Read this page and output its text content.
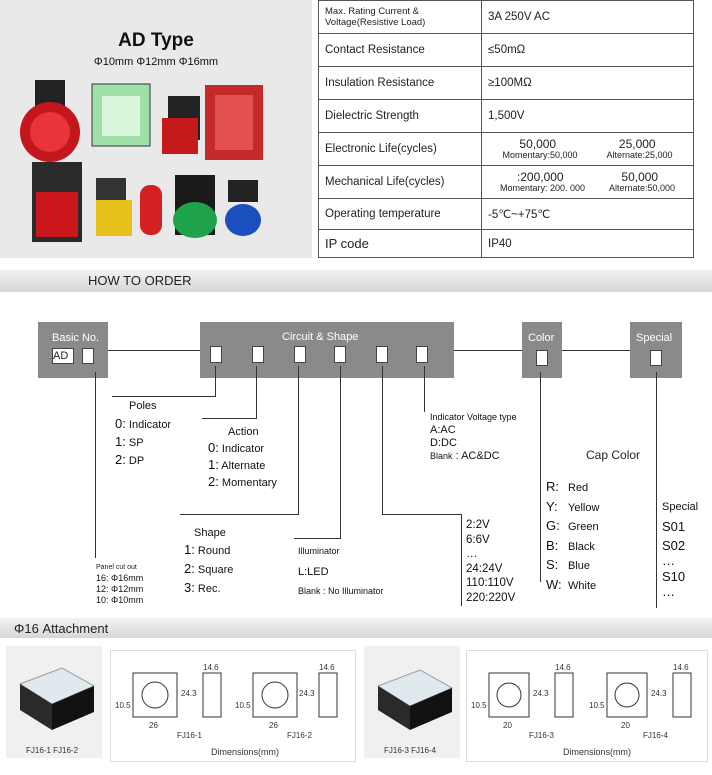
AD Type
Φ10mm Φ12mm Φ16mm
Max. Rating Current & Voltage(Resistive Load)	3A 250V AC
Contact Resistance	≤50mΩ
Insulation Resistance	≥100MΩ
Dielectric Strength	1,500V
Electronic Life(cycles)	50,000 25,000
Momentary:50,000 Alternate:25,000

Mechanical Life(cycles)	:200,000 50,000
Momentary: 200. 000 Alternate:50,000

Operating temperature	-5℃~+75℃
IP code	IP40
HOW TO ORDER
Basic No.
AD
Circuit & Shape	Color	Special
Poles
0: Indicator
1: SP
2: DP
Action
0: Indicator
1: Alternate
2: Momentary
Indicator Voltage type
A:AC
D:DC
Blank : AC&DC
Shape
1: Round
2: Square
3: Rec.
Panel cut out
16: Φ16mm
12: Φ12mm
10: Φ10mm
Illuminator
L:LED
Blank : No Illuminator
2:2V
6:6V
…
24:24V
110:110V
220:220V
Cap Color
R: Red
Y: Yellow
G: Green
B: Black
S: Blue
W: White
Special
S01
S02
…
S10
…
Φ16 Attachment
FJ16-1 FJ16-2
14.6	14.6
24.3	24.3
10.5	10.5
26	26
FJ16-1	FJ16-2
Dimensions(mm)	FJ16-3 FJ16-4
14.6	14.6
24.3	24.3
10.5	10.5
20	20
FJ16-3	FJ16-4
Dimensions(mm)
